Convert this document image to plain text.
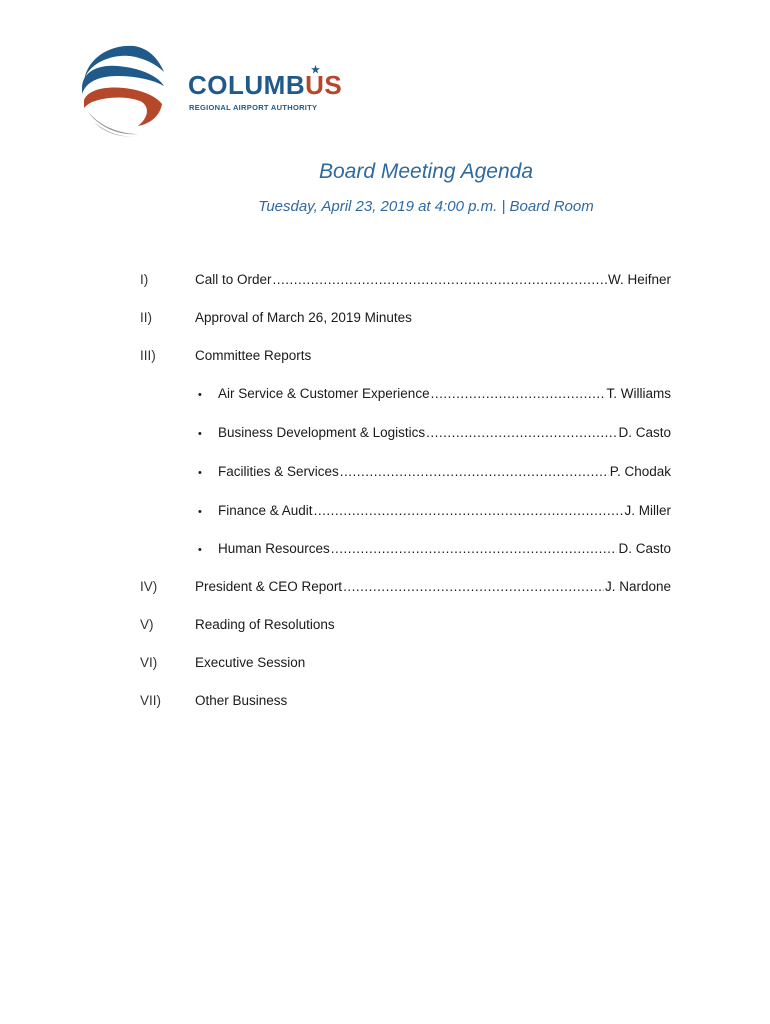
COLUMBUS
REGIONAL AIRPORT AUTHORITY
Board Meeting Agenda
Tuesday, April 23, 2019 at 4:00 p.m. | Board Room
I)	Call to Order .....	W. Heifner
II)	Approval of March 26, 2019 Minutes
III)	Committee Reports
•	Air Service & Customer Experience .....	T. Williams
•	Business Development & Logistics .....	D. Casto
•	Facilities & Services .....	P. Chodak
•	Finance & Audit .....	J. Miller
•	Human Resources .....	D. Casto
IV)	President & CEO Report .....	J. Nardone
V)	Reading of Resolutions
VI)	Executive Session
VII)	Other Business
